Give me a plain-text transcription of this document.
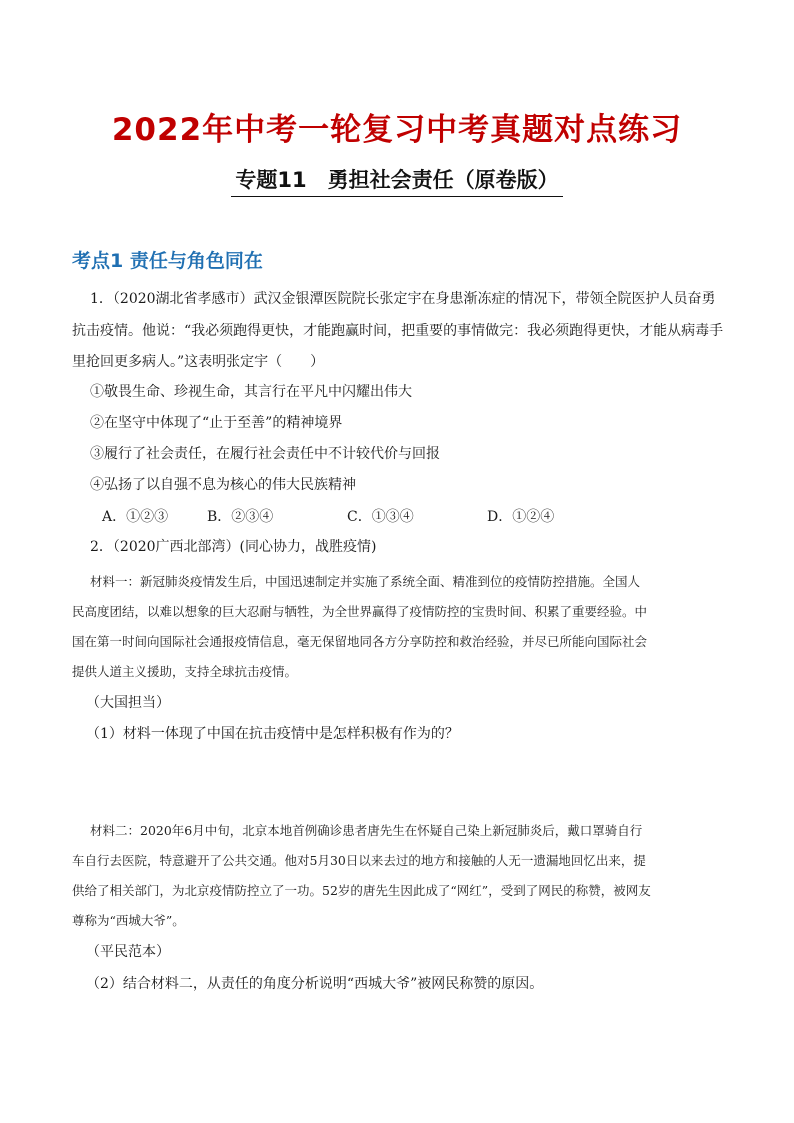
2022年中考一轮复习中考真题对点练习
专题11　勇担社会责任（原卷版）
考点1 责任与角色同在
1．（2020湖北省孝感市）武汉金银潭医院院长张定宇在身患渐冻症的情况下，带领全院医护人员奋勇
抗击疫情。他说：“我必须跑得更快，才能跑赢时间，把重要的事情做完：我必须跑得更快，才能从病毒手
里抢回更多病人。”这表明张定宇（　　）
①敬畏生命、珍视生命，其言行在平凡中闪耀出伟大
②在坚守中体现了“止于至善”的精神境界
③履行了社会责任，在履行社会责任中不计较代价与回报
④弘扬了以自强不息为核心的伟大民族精神
A．①②③	B．②③④	C．①③④	D．①②④
2．（2020广西北部湾）(同心协力，战胜疫情)
材料一：新冠肺炎疫情发生后，中国迅速制定并实施了系统全面、精准到位的疫情防控措施。全国人
民高度团结，以难以想象的巨大忍耐与牺牲，为全世界赢得了疫情防控的宝贵时间、积累了重要经验。中
国在第一时间向国际社会通报疫情信息，毫无保留地同各方分享防控和救治经验，并尽已所能向国际社会
提供人道主义援助，支持全球抗击疫情。
（大国担当）
（1）材料一体现了中国在抗击疫情中是怎样积极有作为的？
材料二：2020年6月中旬，北京本地首例确诊患者唐先生在怀疑自己染上新冠肺炎后，戴口罩骑自行
车自行去医院，特意避开了公共交通。他对5月30日以来去过的地方和接触的人无一遗漏地回忆出来，提
供给了相关部门，为北京疫情防控立了一功。52岁的唐先生因此成了“网红”，受到了网民的称赞，被网友
尊称为“西城大爷”。
（平民范本）
（2）结合材料二，从责任的角度分析说明“西城大爷”被网民称赞的原因。
